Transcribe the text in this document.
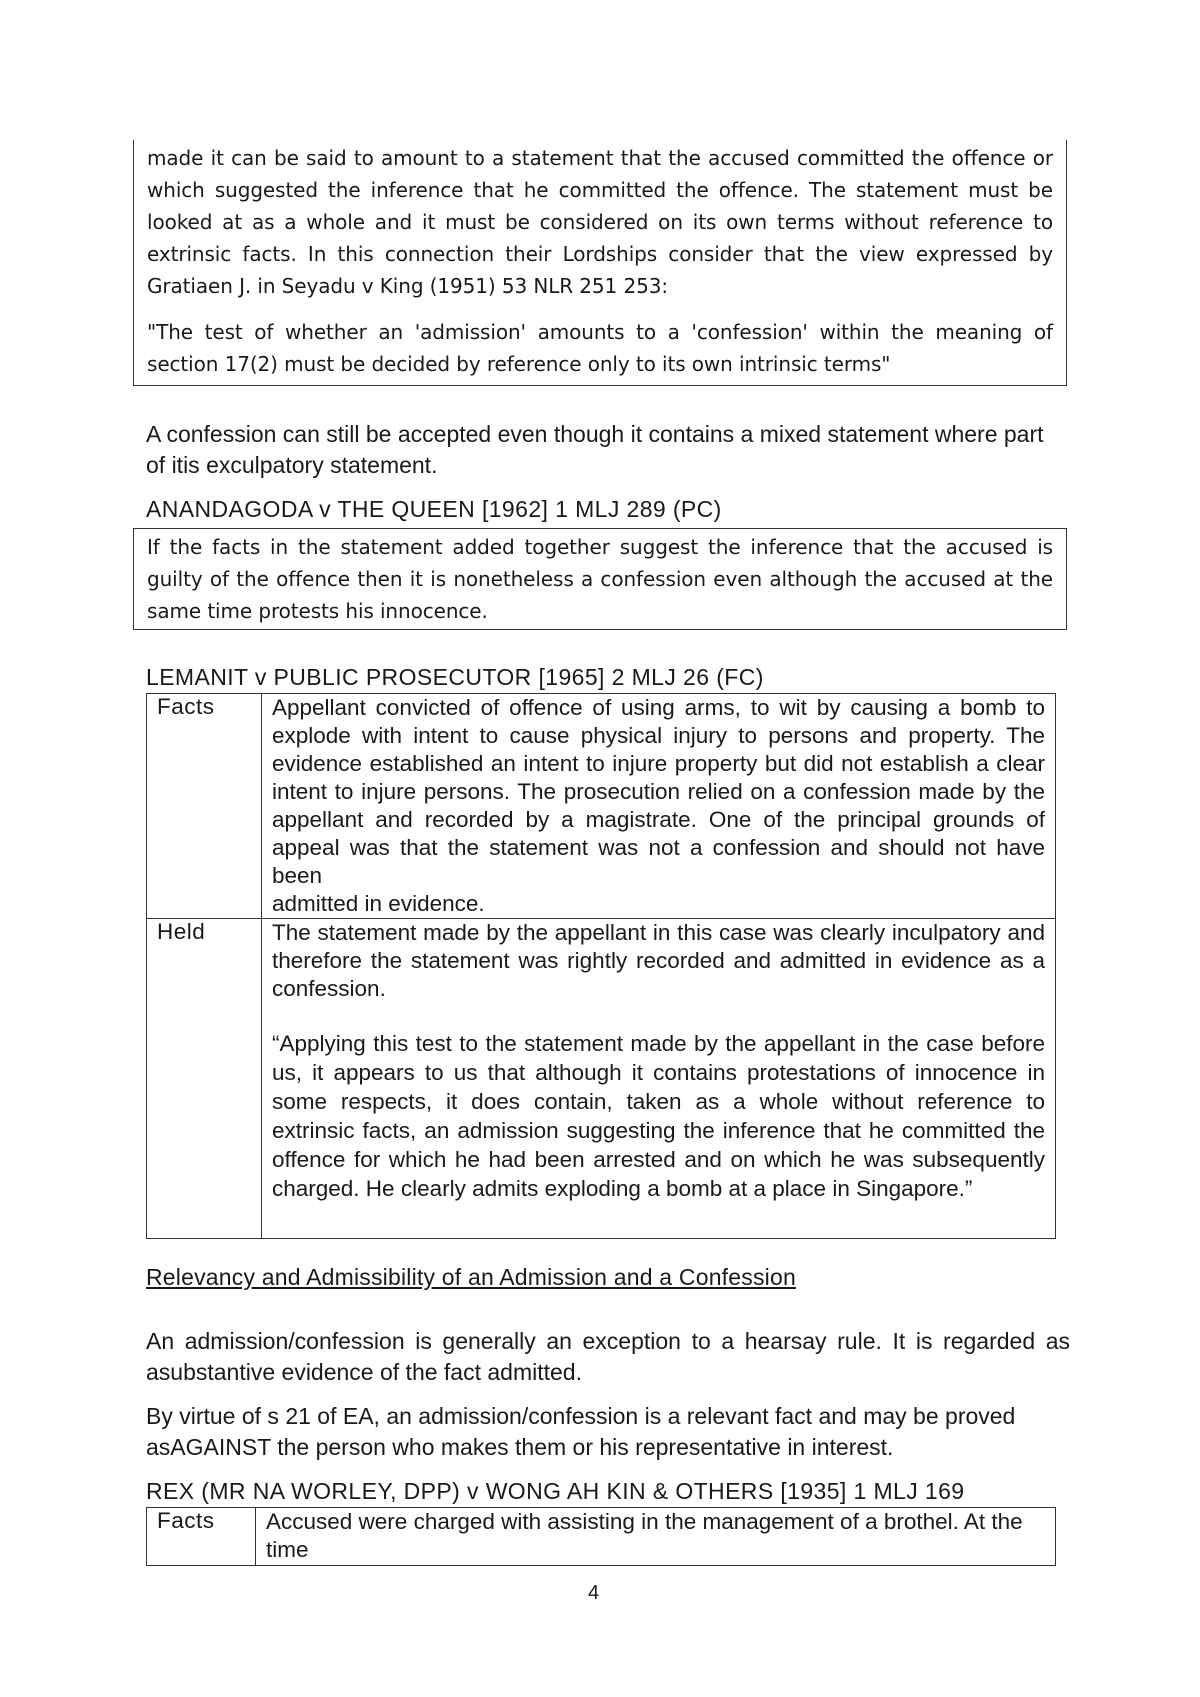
made it can be said to amount to a statement that the accused committed the offence or which suggested the inference that he committed the offence. The statement must be looked at as a whole and it must be considered on its own terms without reference to extrinsic facts. In this connection their Lordships consider that the view expressed by Gratiaen J. in Seyadu v King (1951) 53 NLR 251 253:

"The test of whether an 'admission' amounts to a 'confession' within the meaning of section 17(2) must be decided by reference only to its own intrinsic terms"

A confession can still be accepted even though it contains a mixed statement where part of itis exculpatory statement.

ANANDAGODA v THE QUEEN [1962] 1 MLJ 289 (PC)

If the facts in the statement added together suggest the inference that the accused is guilty of the offence then it is nonetheless a confession even although the accused at the same time protests his innocence.

LEMANIT v PUBLIC PROSECUTOR [1965] 2 MLJ 26 (FC)
Facts	Appellant convicted of offence of using arms, to wit by causing a bomb to explode with intent to cause physical injury to persons and property. The evidence established an intent to injure property but did not establish a clear intent to injure persons. The prosecution relied on a confession made by the appellant and recorded by a magistrate. One of the principal grounds of appeal was that the statement was not a confession and should not have been
admitted in evidence.

Held	The statement made by the appellant in this case was clearly inculpatory and therefore the statement was rightly recorded and admitted in evidence as a confession.
“Applying this test to the statement made by the appellant in the case before us, it appears to us that although it contains protestations of innocence in some respects, it does contain, taken as a whole without reference to extrinsic facts, an admission suggesting the inference that he committed the offence for which he had been arrested and on which he was subsequently charged. He clearly admits exploding a bomb at a place in Singapore.”
Relevancy and Admissibility of an Admission and a Confession

An admission/confession is generally an exception to a hearsay rule. It is regarded as asubstantive evidence of the fact admitted.

By virtue of s 21 of EA, an admission/confession is a relevant fact and may be proved asAGAINST the person who makes them or his representative in interest.

REX (MR NA WORLEY, DPP) v WONG AH KIN & OTHERS [1935] 1 MLJ 169
Facts	Accused were charged with assisting in the management of a brothel. At the time
4
